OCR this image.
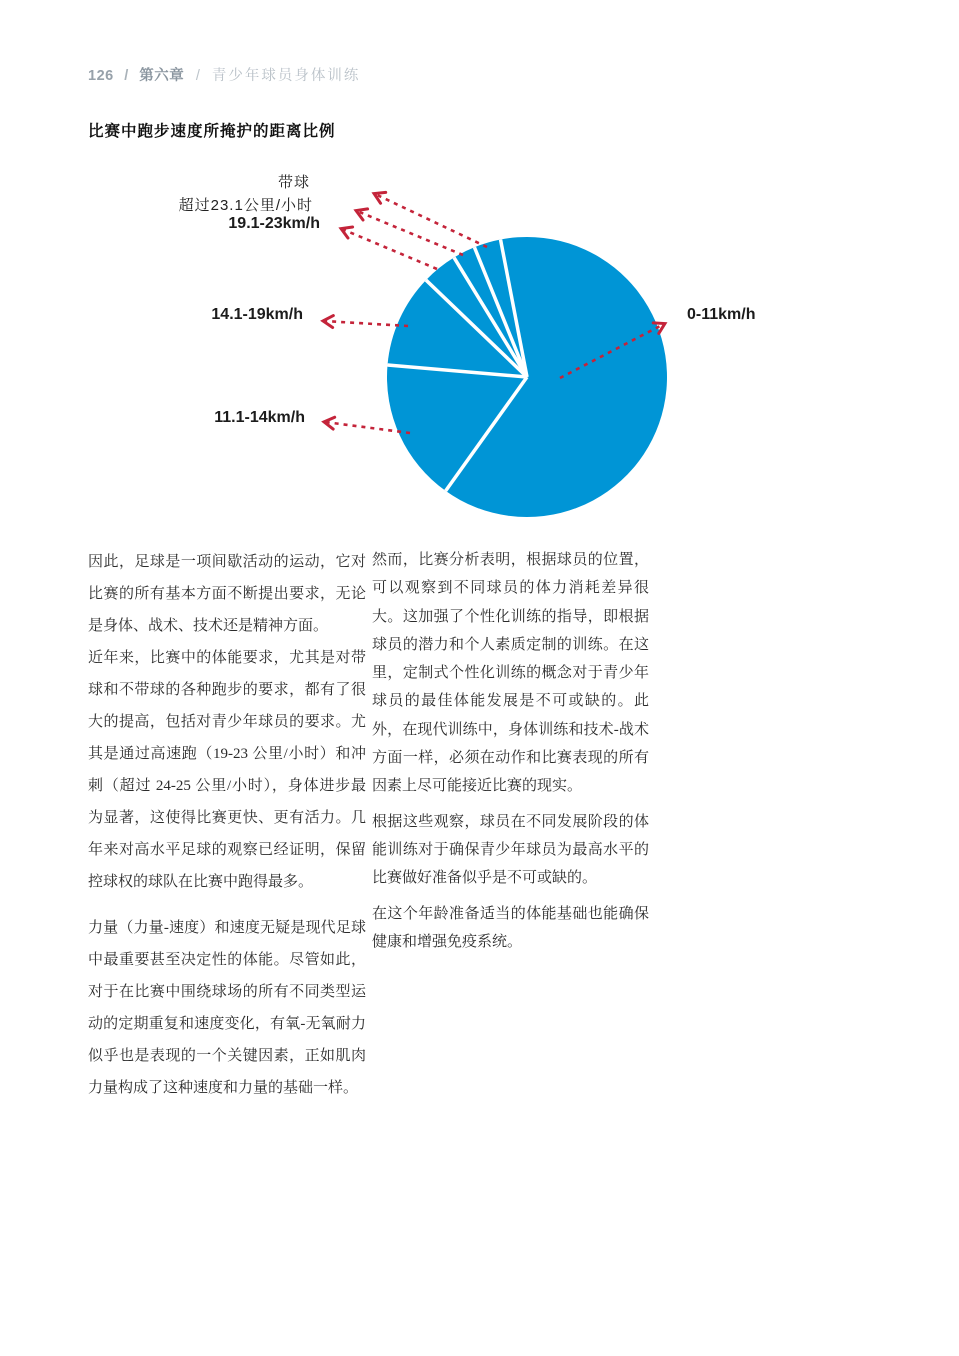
126 / 第六章 / 青少年球员身体训练
比赛中跑步速度所掩护的距离比例
带球
超过23.1公里/小时
19.1-23km/h
14.1-19km/h
11.1-14km/h
0-11km/h

因此，足球是一项间歇活动的运动，它对比赛的所有基本方面不断提出要求，无论是身体、战术、技术还是精神方面。

近年来，比赛中的体能要求，尤其是对带球和不带球的各种跑步的要求，都有了很大的提高，包括对青少年球员的要求。尤其是通过高速跑（19-23 公里/小时）和冲刺（超过 24-25 公里/小时），身体进步最为显著，这使得比赛更快、更有活力。几年来对高水平足球的观察已经证明，保留控球权的球队在比赛中跑得最多。

力量（力量-速度）和速度无疑是现代足球中最重要甚至决定性的体能。尽管如此，对于在比赛中围绕球场的所有不同类型运动的定期重复和速度变化，有氧-无氧耐力似乎也是表现的一个关键因素，正如肌肉力量构成了这种速度和力量的基础一样。

然而，比赛分析表明，根据球员的位置，可以观察到不同球员的体力消耗差异很大。这加强了个性化训练的指导，即根据球员的潜力和个人素质定制的训练。在这里，定制式个性化训练的概念对于青少年球员的最佳体能发展是不可或缺的。此外，在现代训练中，身体训练和技术-战术方面一样，必须在动作和比赛表现的所有因素上尽可能接近比赛的现实。

根据这些观察，球员在不同发展阶段的体能训练对于确保青少年球员为最高水平的比赛做好准备似乎是不可或缺的。

在这个年龄准备适当的体能基础也能确保健康和增强免疫系统。
